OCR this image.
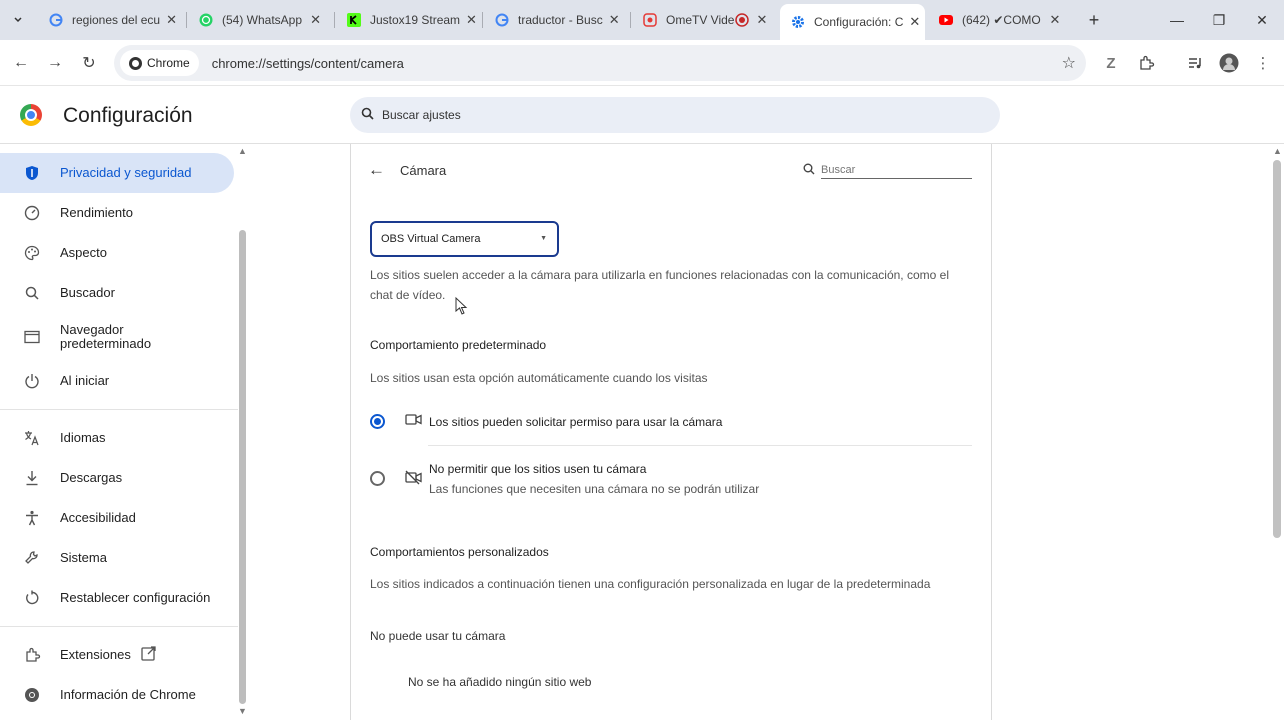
regiones del ecu ✕	(54) WhatsApp ✕	Justox19 Stream ✕	traductor - Busc ✕	OmeTV Vide ✕	Configuración: C ✕	(642) ✔COMO ✕ +	— ❐ ✕
← → ↻	Chrome chrome://settings/content/camera	☆ Z	⋮
Configuración	Buscar ajustes
Privacidad y seguridad
Rendimiento
Aspecto
Buscador
Navegador predeterminado
Al iniciar
Idiomas
Descargas
Accesibilidad
Sistema
Restablecer configuración
Extensiones
Información de Chrome
▲
▼
← Cámara
Buscar
OBS Virtual Camera	▼
Los sitios suelen acceder a la cámara para utilizarla en funciones relacionadas con la comunicación, como el chat de vídeo.
Comportamiento predeterminado
Los sitios usan esta opción automáticamente cuando los visitas
Los sitios pueden solicitar permiso para usar la cámara
No permitir que los sitios usen tu cámara
Las funciones que necesiten una cámara no se podrán utilizar
Comportamientos personalizados
Los sitios indicados a continuación tienen una configuración personalizada en lugar de la predeterminada
No puede usar tu cámara
No se ha añadido ningún sitio web
▲
